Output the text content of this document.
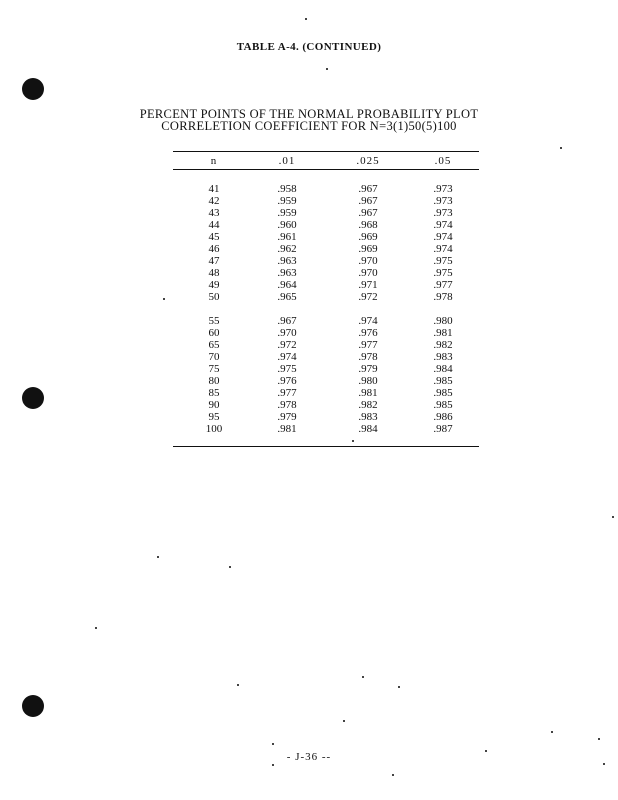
TABLE A-4. (CONTINUED)
PERCENT POINTS OF THE NORMAL PROBABILITY PLOT
CORRELETION COEFFICIENT FOR N=3(1)50(5)100
n	.01	.025	.05
41	.958	.967	.973
42	.959	.967	.973
43	.959	.967	.973
44	.960	.968	.974
45	.961	.969	.974
46	.962	.969	.974
47	.963	.970	.975
48	.963	.970	.975
49	.964	.971	.977
50	.965	.972	.978
55	.967	.974	.980
60	.970	.976	.981
65	.972	.977	.982
70	.974	.978	.983
75	.975	.979	.984
80	.976	.980	.985
85	.977	.981	.985
90	.978	.982	.985
95	.979	.983	.986
100	.981	.984	.987
- J-36 --
